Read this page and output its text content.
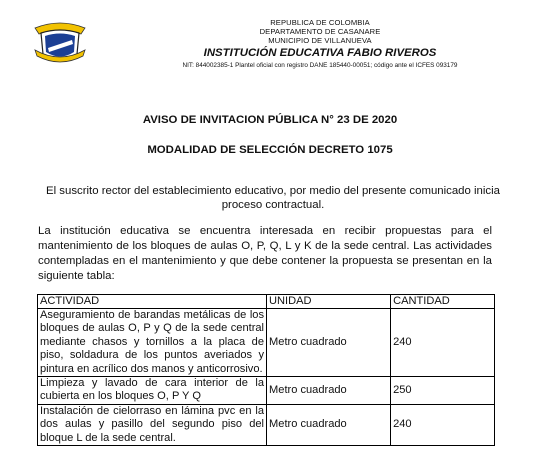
REPUBLICA DE COLOMBIA
DEPARTAMENTO DE CASANARE
MUNICIPIO DE VILLANUEVA
INSTITUCIÓN EDUCATIVA FABIO RIVEROS
NIT: 844002385-1 Plantel oficial con registro DANE 185440-00051; código ante el ICFES 093179
AVISO DE INVITACION PÚBLICA N° 23 DE 2020
MODALIDAD DE SELECCIÓN DECRETO 1075
El suscrito rector del establecimiento educativo, por medio del presente comunicado inicia proceso contractual.
La institución educativa se encuentra interesada en recibir propuestas para el mantenimiento de los bloques de aulas O, P, Q, L y K de la sede central. Las actividades contempladas en el mantenimiento y que debe contener la propuesta se presentan en la siguiente tabla:
ACTIVIDAD	UNIDAD	CANTIDAD
Aseguramiento de barandas metálicas de los bloques de aulas O, P y Q de la sede central mediante chasos y tornillos a la placa de piso, soldadura de los puntos averiados y pintura en acrílico dos manos y anticorrosivo.	Metro cuadrado	240
Limpieza y lavado de cara interior de la cubierta en los bloques O, P Y Q	Metro cuadrado	250
Instalación de cielorraso en lámina pvc en la dos aulas y pasillo del segundo piso del bloque L de la sede central.	Metro cuadrado	240
